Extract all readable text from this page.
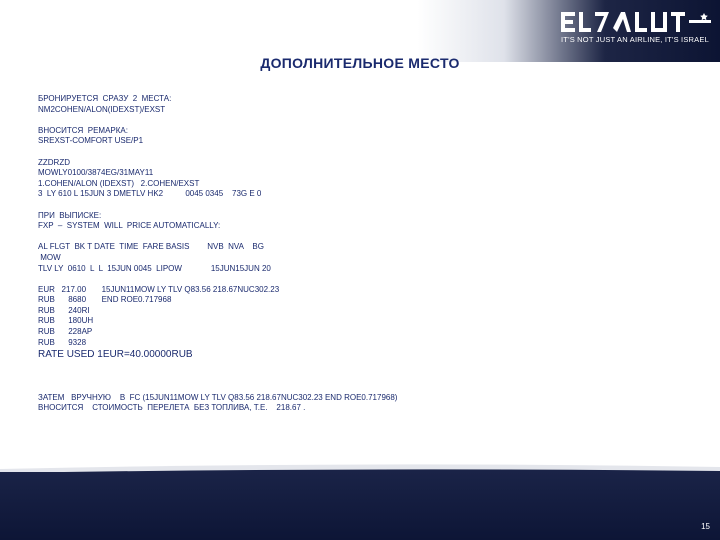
IT'S NOT JUST AN AIRLINE, IT'S ISRAEL
ДОПОЛНИТЕЛЬНОЕ МЕСТО
БРОНИРУЕТСЯ  СРАЗУ  2  МЕСТА:
NM2COHEN/ALON(IDEXST)/EXST
ВНОСИТСЯ  РЕМАРКА:
SREXST-COMFORT USE/P1
ZZDRZD
MOWLY0100/3874EG/31MAY11
1.COHEN/ALON (IDEXST)   2.COHEN/EXST
3  LY 610 L 15JUN 3 DMETLV HK2          0045 0345    73G E 0
ПРИ  ВЫПИСКЕ:
FXP  –  SYSTEM  WILL  PRICE AUTOMATICALLY:
AL FLGT  BK T DATE  TIME  FARE BASIS        NVB  NVA    BG
MOW
TLV LY  0610  L  L  15JUN 0045  LIPOW             15JUN15JUN 20
EUR   217.00       15JUN11MOW LY TLV Q83.56 218.67NUC302.23
RUB      8680       END ROE0.717968
RUB      240RI
RUB      180UH
RUB      228AP
RUB      9328
RATE USED 1EUR=40.00000RUB
ЗАТЕМ   ВРУЧНУЮ    В  FC (15JUN11MOW LY TLV Q83.56 218.67NUC302.23 END ROE0.717968)
ВНОСИТСЯ    СТОИМОСТЬ  ПЕРЕЛЕТА  БЕЗ ТОПЛИВА, Т.Е.    218.67 .
15
